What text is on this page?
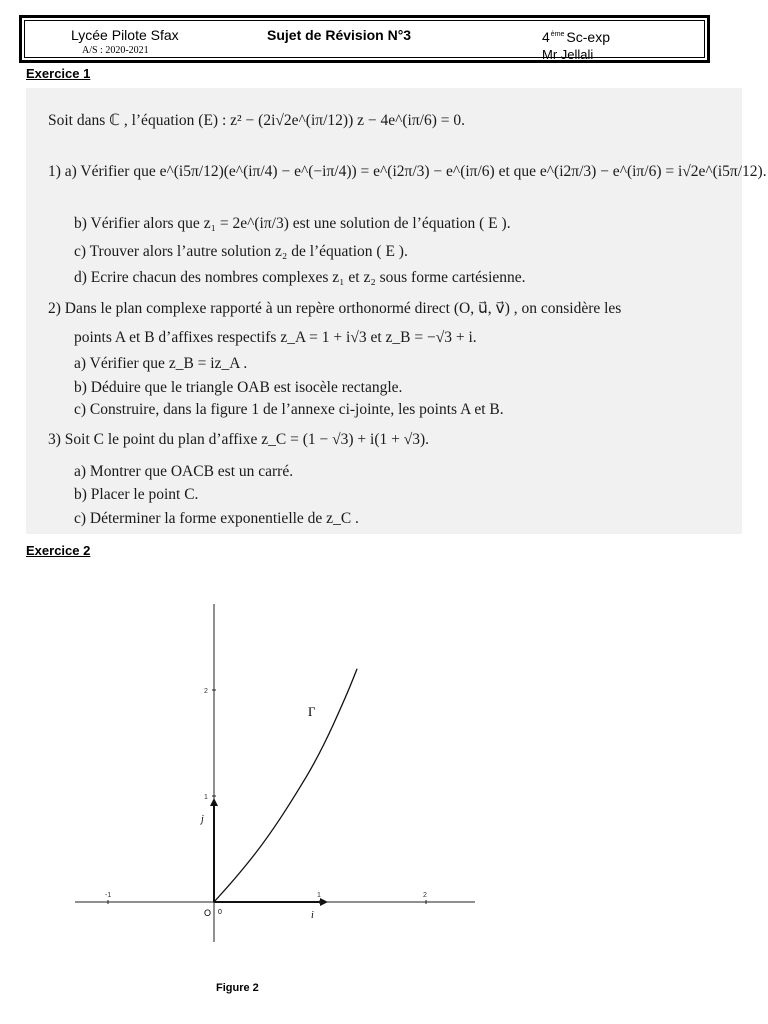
Lycée Pilote Sfax
A/S : 2020-2021
Sujet de Révision N°3	4ème Sc-exp
Mr Jellali
Exercice 1
Soit dans ℂ , l’équation (E) : z² − (2i√2e^(iπ/12)) z − 4e^(iπ/6) = 0.
1) a) Vérifier que e^(i5π/12)(e^(iπ/4) − e^(−iπ/4)) = e^(i2π/3) − e^(iπ/6) et que e^(i2π/3) − e^(iπ/6) = i√2e^(i5π/12).
b) Vérifier alors que z₁ = 2e^(iπ/3) est une solution de l’équation ( E ).
c) Trouver alors l’autre solution z₂ de l’équation ( E ).
d) Ecrire chacun des nombres complexes z₁ et z₂ sous forme cartésienne.
2) Dans le plan complexe rapporté à un repère orthonormé direct (O, u⃗, v⃗) , on considère les
points A et B d’affixes respectifs z_A = 1 + i√3 et z_B = −√3 + i.
a) Vérifier que z_B = iz_A .
b) Déduire que le triangle OAB est isocèle rectangle.
c) Construire, dans la figure 1 de l’annexe ci-jointe, les points A et B.
3) Soit C le point du plan d’affixe z_C = (1 − √3) + i(1 + √3).
a) Montrer que OACB est un carré.
b) Placer le point C.
c) Déterminer la forme exponentielle de z_C .
Exercice 2
-1	1	2
1
2
Γ
O 0	i⃗
j⃗
Figure 2
